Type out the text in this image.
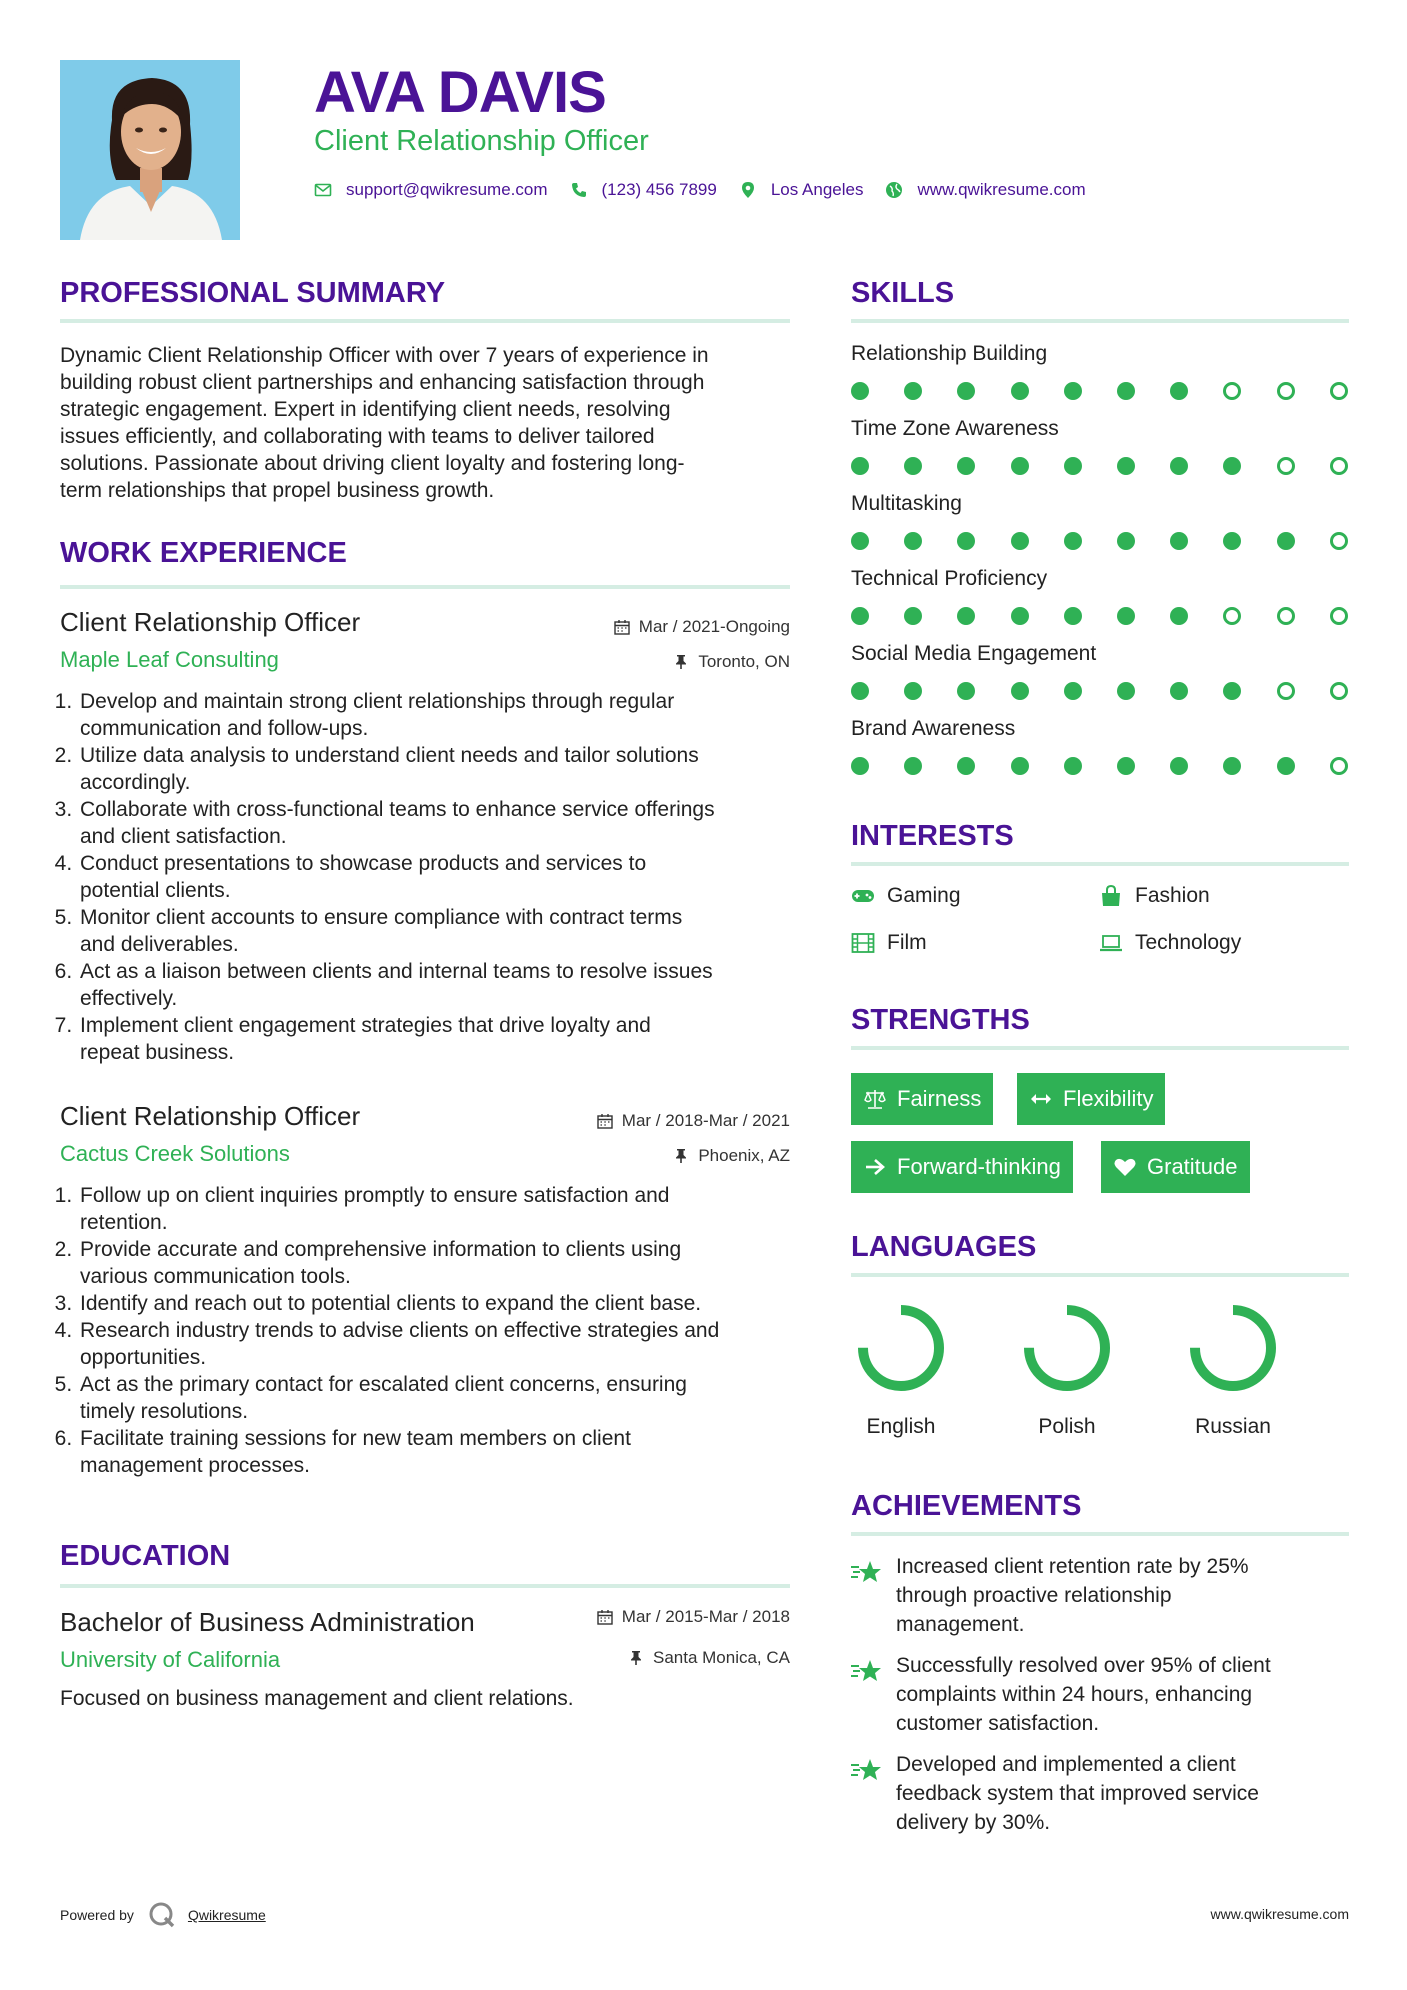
AVA DAVIS
Client Relationship Officer
support@qwikresume.com	(123) 456 7899	Los Angeles	www.qwikresume.com
PROFESSIONAL SUMMARY
Dynamic Client Relationship Officer with over 7 years of experience in
building robust client partnerships and enhancing satisfaction through
strategic engagement. Expert in identifying client needs, resolving
issues efficiently, and collaborating with teams to deliver tailored
solutions. Passionate about driving client loyalty and fostering long-
term relationships that propel business growth.
WORK EXPERIENCE
Client Relationship Officer
Maple Leaf Consulting
Mar / 2021-Ongoing
Toronto, ON
1. Develop and maintain strong client relationships through regular
communication and follow-ups.
2. Utilize data analysis to understand client needs and tailor solutions
accordingly.
3. Collaborate with cross-functional teams to enhance service offerings
and client satisfaction.
4. Conduct presentations to showcase products and services to
potential clients.
5. Monitor client accounts to ensure compliance with contract terms
and deliverables.
6. Act as a liaison between clients and internal teams to resolve issues
effectively.
7. Implement client engagement strategies that drive loyalty and
repeat business.
Client Relationship Officer
Cactus Creek Solutions
Mar / 2018-Mar / 2021
Phoenix, AZ
1. Follow up on client inquiries promptly to ensure satisfaction and
retention.
2. Provide accurate and comprehensive information to clients using
various communication tools.
3. Identify and reach out to potential clients to expand the client base.
4. Research industry trends to advise clients on effective strategies and
opportunities.
5. Act as the primary contact for escalated client concerns, ensuring
timely resolutions.
6. Facilitate training sessions for new team members on client
management processes.
EDUCATION
Bachelor of Business Administration
University of California
Mar / 2015-Mar / 2018
Santa Monica, CA
Focused on business management and client relations.
SKILLS
Relationship Building
Time Zone Awareness
Multitasking
Technical Proficiency
Social Media Engagement
Brand Awareness
INTERESTS
Gaming	Fashion
Film	Technology
STRENGTHS
Fairness	Flexibility
Forward-thinking	Gratitude
LANGUAGES
English	Polish	Russian
ACHIEVEMENTS
Increased client retention rate by 25%
through proactive relationship
management.
Successfully resolved over 95% of client
complaints within 24 hours, enhancing
customer satisfaction.
Developed and implemented a client
feedback system that improved service
delivery by 30%.
Powered by	Qwikresume	www.qwikresume.com
